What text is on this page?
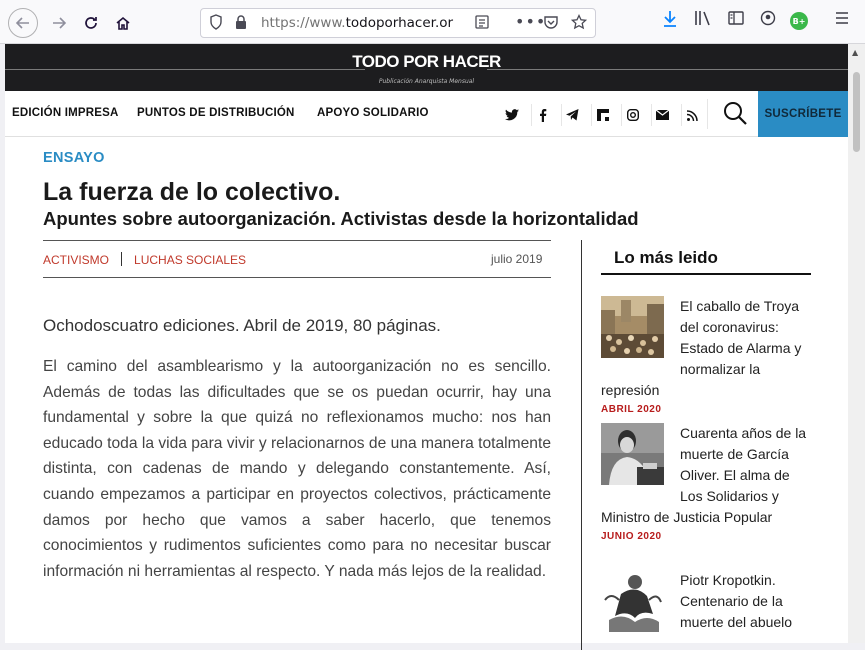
https://www.todoporhacer.or	•••	B+
TODO POR HACER
Publicación Anarquista Mensual
EDICIÓN IMPRESA PUNTOS DE DISTRIBUCIÓN APOYO SOLIDARIO	SUSCRÍBETE
ENSAYO
La fuerza de lo colectivo.
Apuntes sobre autoorganización. Activistas desde la horizontalidad
ACTIVISMO LUCHAS SOCIALES	julio 2019

Ochodoscuatro ediciones. Abril de 2019, 80 páginas.

El camino del asamblearismo y la autoorganización no es sencillo. Además de todas las dificultades que se os puedan ocurrir, hay una fundamental y sobre la que quizá no reflexionamos mucho: nos han educado toda la vida para vivir y relacionarnos de una manera totalmente distinta, con cadenas de mando y delegando constantemente. Así, cuando empezamos a participar en proyectos colectivos, prácticamente damos por hecho que vamos a saber hacerlo, que tenemos conocimientos y rudimentos suficientes como para no necesitar buscar información ni herramientas al respecto. Y nada más lejos de la realidad.

Lo más leido
El caballo de Troya del coronavirus: Estado de Alarma y normalizar la represión
ABRIL 2020
Cuarenta años de la muerte de García Oliver. El alma de Los Solidarios y Ministro de Justicia Popular
JUNIO 2020
Piotr Kropotkin. Centenario de la muerte del abuelo
▲
